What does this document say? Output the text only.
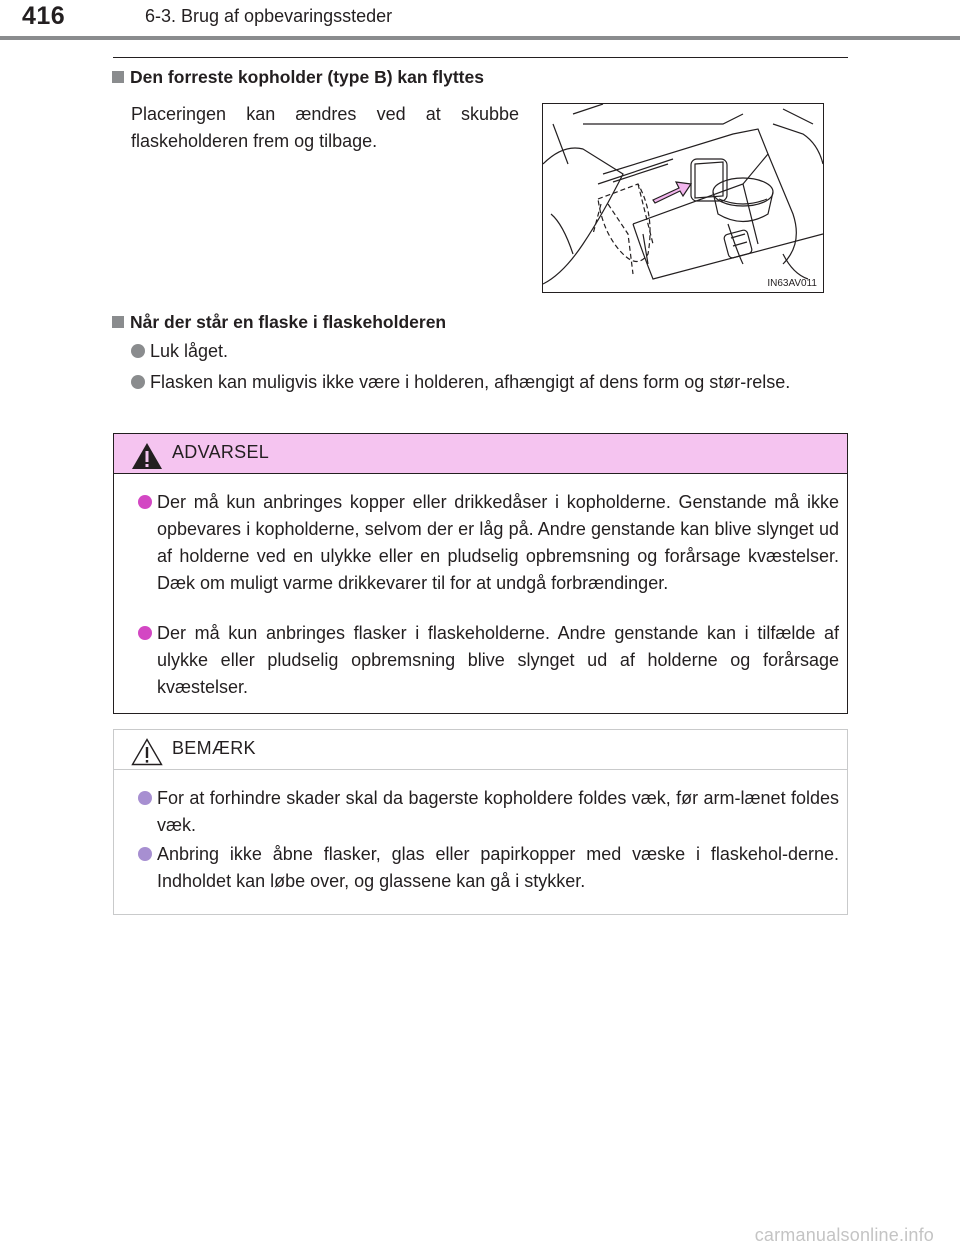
416	6-3. Brug af opbevaringssteder
Den forreste kopholder (type B) kan flyttes
Placeringen kan ændres ved at skubbe
flaskeholderen frem og tilbage.
IN63AV011
Når der står en flaske i flaskeholderen
Luk låget.
Flasken kan muligvis ikke være i holderen, afhængigt af dens form og stør-relse.
ADVARSEL
Der må kun anbringes kopper eller drikkedåser i kopholderne. Genstande må ikke opbevares i kopholderne, selvom der er låg på. Andre genstande kan blive slynget ud af holderne ved en ulykke eller en pludselig opbremsning og forårsage kvæstelser. Dæk om muligt varme drikkevarer til for at undgå forbrændinger.
Der må kun anbringes flasker i flaskeholderne. Andre genstande kan i tilfælde af ulykke eller pludselig opbremsning blive slynget ud af holderne og forårsage kvæstelser.
BEMÆRK
For at forhindre skader skal da bagerste kopholdere foldes væk, før arm-lænet foldes væk.
Anbring ikke åbne flasker, glas eller papirkopper med væske i flaskehol-derne. Indholdet kan løbe over, og glassene kan gå i stykker.
carmanualsonline.info
